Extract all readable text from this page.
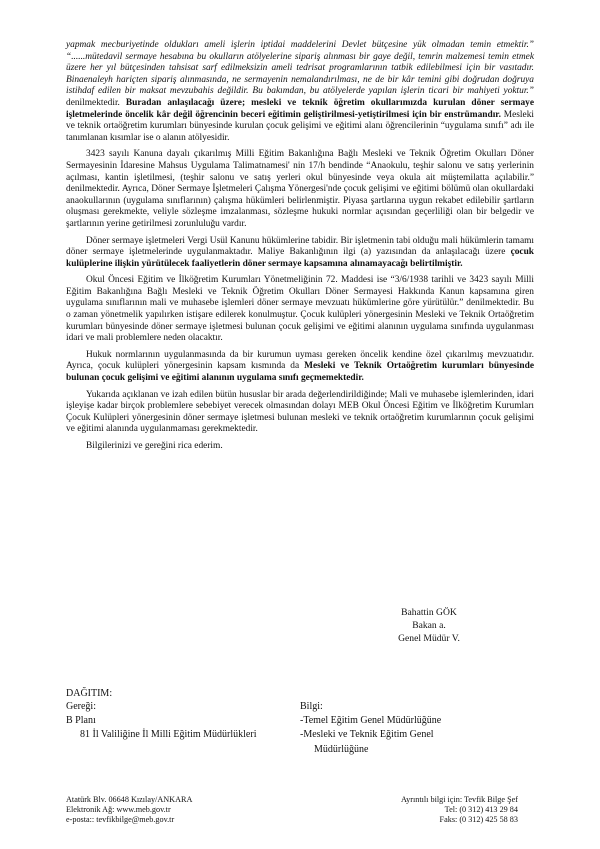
yapmak mecburiyetinde oldukları ameli işlerin iptidai maddelerini Devlet bütçesine yük olmadan temin etmektir.” “......mütedavil sermaye hesabına bu okulların atölyelerine sipariş alınması bir gaye değil, temrin malzemesi temin etmek üzere her yıl bütçesinden tahsisat sarf edilmeksizin ameli tedrisat programlarının tatbik edilebilmesi için bir vasıtadır. Binaenaleyh hariçten sipariş alınmasında, ne sermayenin nemalandırılması, ne de bir kâr temini gibi doğrudan doğruya istihdaf edilen bir maksat mevzubahis değildir. Bu bakımdan, bu atölyelerde yapılan işlerin ticari bir mahiyeti yoktur.” denilmektedir. Buradan anlaşılacağı üzere; mesleki ve teknik öğretim okullarımızda kurulan döner sermaye işletmelerinde öncelik kâr değil öğrencinin beceri eğitimin geliştirilmesi-yetiştirilmesi için bir enstrümandır. Mesleki ve teknik ortaöğretim kurumları bünyesinde kurulan çocuk gelişimi ve eğitimi alanı öğrencilerinin “uygulama sınıfı” adı ile tanımlanan kısımlar ise o alanın atölyesidir.

3423 sayılı Kanuna dayalı çıkarılmış Milli Eğitim Bakanlığına Bağlı Mesleki ve Teknik Öğretim Okulları Döner Sermayesinin İdaresine Mahsus Uygulama Talimatnamesi' nin 17/h bendinde “Anaokulu, teşhir salonu ve satış yerlerinin açılması, kantin işletilmesi, (teşhir salonu ve satış yerleri okul bünyesinde veya okula ait müştemilatta açılabilir.” denilmektedir. Ayrıca, Döner Sermaye İşletmeleri Çalışma Yönergesi'nde çocuk gelişimi ve eğitimi bölümü olan okullardaki anaokullarının (uygulama sınıflarının) çalışma hükümleri belirlenmiştir. Piyasa şartlarına uygun rekabet edilebilir şartların oluşması gerekmekte, veliyle sözleşme imzalanması, sözleşme hukuki normlar açısından geçerliliği olan bir belgedir ve şartlarının yerine getirilmesi zorunluluğu vardır.

Döner sermaye işletmeleri Vergi Usül Kanunu hükümlerine tabidir. Bir işletmenin tabi olduğu mali hükümlerin tamamı döner sermaye işletmelerinde uygulanmaktadır. Maliye Bakanlığının ilgi (a) yazısından da anlaşılacağı üzere çocuk kulüplerine ilişkin yürütülecek faaliyetlerin döner sermaye kapsamına alınamayacağı belirtilmiştir.

Okul Öncesi Eğitim ve İlköğretim Kurumları Yönetmeliğinin 72. Maddesi ise “3/6/1938 tarihli ve 3423 sayılı Milli Eğitim Bakanlığına Bağlı Mesleki ve Teknik Öğretim Okulları Döner Sermayesi Hakkında Kanun kapsamına giren uygulama sınıflarının mali ve muhasebe işlemleri döner sermaye mevzuatı hükümlerine göre yürütülür.” denilmektedir. Bu o zaman yönetmelik yapılırken istişare edilerek konulmuştur. Çocuk kulüpleri yönergesinin Mesleki ve Teknik Ortaöğretim kurumları bünyesinde döner sermaye işletmesi bulunan çocuk gelişimi ve eğitimi alanının uygulama sınıfında uygulanması idari ve mali problemlere neden olacaktır.

Hukuk normlarının uygulanmasında da bir kurumun uyması gereken öncelik kendine özel çıkarılmış mevzuatıdır. Ayrıca, çocuk kulüpleri yönergesinin kapsam kısmında da Mesleki ve Teknik Ortaöğretim kurumları bünyesinde bulunan çocuk gelişimi ve eğitimi alanının uygulama sınıfı geçmemektedir.

Yukarıda açıklanan ve izah edilen bütün hususlar bir arada değerlendirildiğinde; Mali ve muhasebe işlemlerinden, idari işleyişe kadar birçok problemlere sebebiyet verecek olmasından dolayı MEB Okul Öncesi Eğitim ve İlköğretim Kurumları Çocuk Kulüpleri yönergesinin döner sermaye işletmesi bulunan mesleki ve teknik ortaöğretim kurumlarının çocuk gelişimi ve eğitimi alanında uygulanmaması gerekmektedir.

Bilgilerinizi ve gereğini rica ederim.

Bahattin GÖK
Bakan a.
Genel Müdür V.
DAĞITIM:
Gereği:
B Planı
81 İl Valiliğine İl Milli Eğitim Müdürlükleri
Bilgi:
-Temel Eğitim Genel Müdürlüğüne
-Mesleki ve Teknik Eğitim Genel
Müdürlüğüne
Atatürk Blv. 06648 Kızılay/ANKARA
Elektronik Ağ: www.meb.gov.tr
e-posta:: tevfikbilge@meb.gov.tr
Ayrıntılı bilgi için: Tevfik Bilge Şef
Tel: (0 312) 413 29 84
Faks: (0 312) 425 58 83
